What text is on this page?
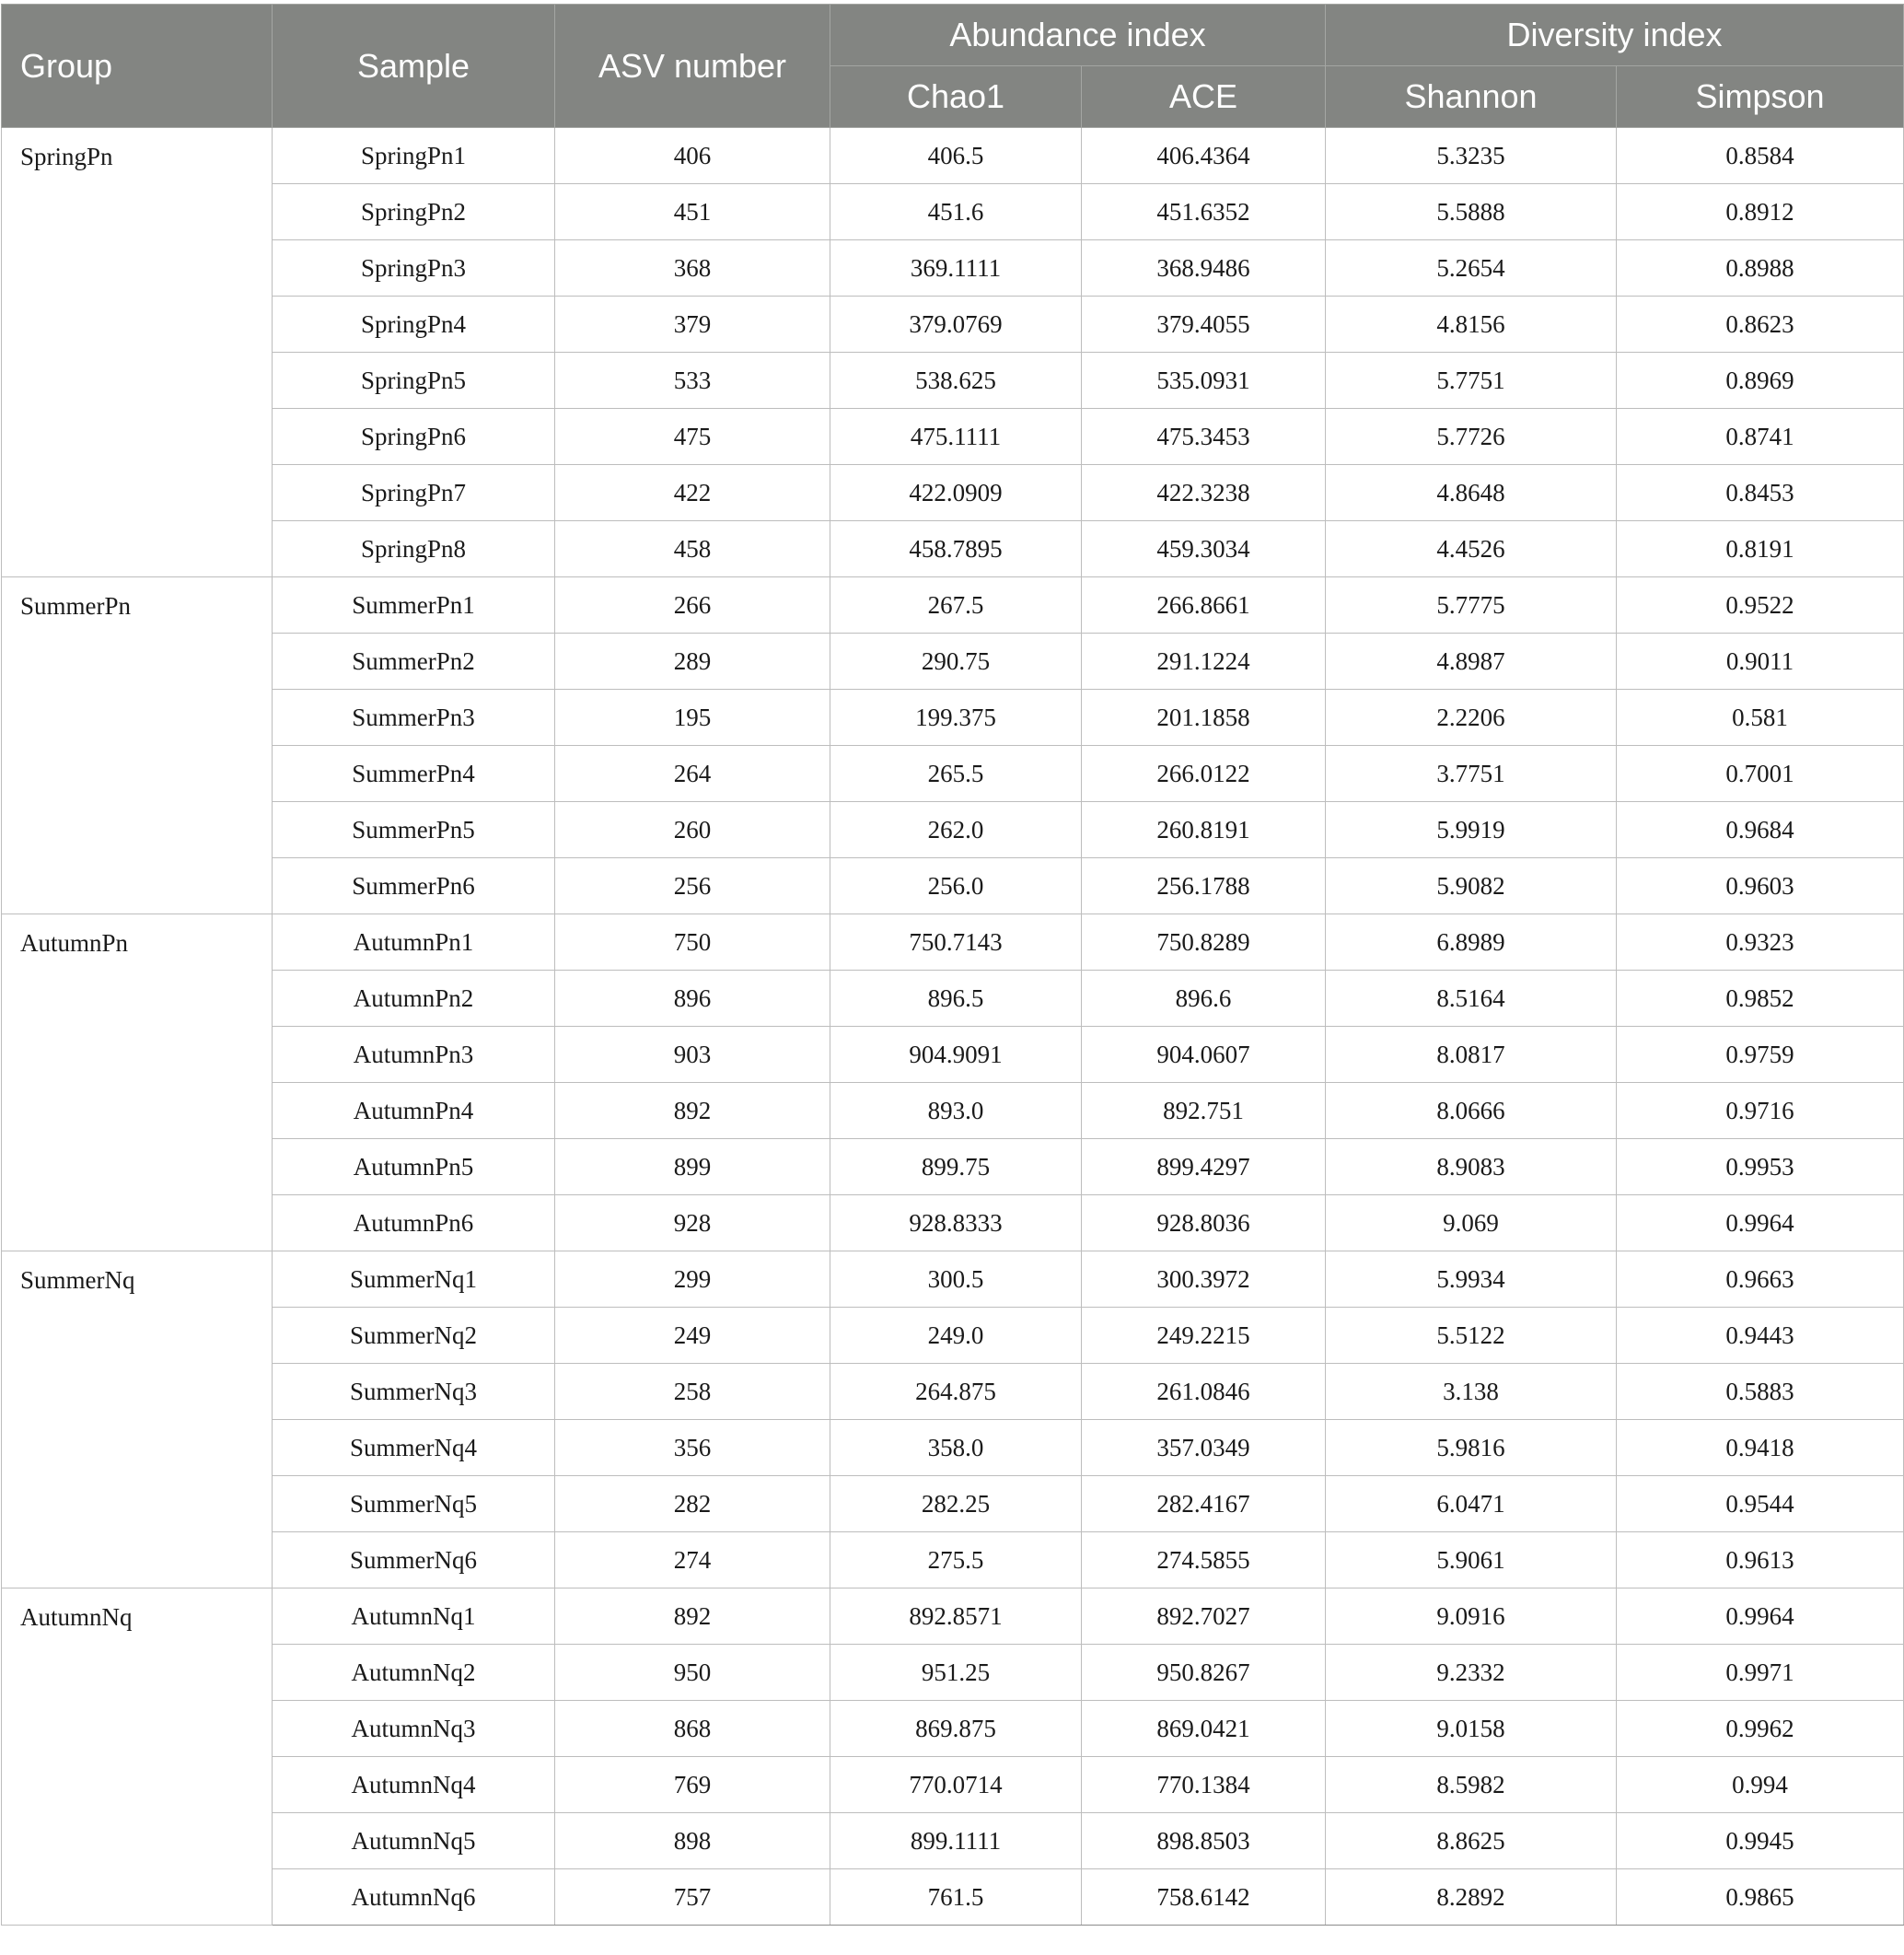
Group	Sample	ASV number	Abundance index		Diversity index	
			Chao1	ACE	Shannon	Simpson
SpringPn	SpringPn1	406	406.5	406.4364	5.3235	0.8584
	SpringPn2	451	451.6	451.6352	5.5888	0.8912
	SpringPn3	368	369.1111	368.9486	5.2654	0.8988
	SpringPn4	379	379.0769	379.4055	4.8156	0.8623
	SpringPn5	533	538.625	535.0931	5.7751	0.8969
	SpringPn6	475	475.1111	475.3453	5.7726	0.8741
	SpringPn7	422	422.0909	422.3238	4.8648	0.8453
	SpringPn8	458	458.7895	459.3034	4.4526	0.8191
SummerPn	SummerPn1	266	267.5	266.8661	5.7775	0.9522
	SummerPn2	289	290.75	291.1224	4.8987	0.9011
	SummerPn3	195	199.375	201.1858	2.2206	0.581
	SummerPn4	264	265.5	266.0122	3.7751	0.7001
	SummerPn5	260	262.0	260.8191	5.9919	0.9684
	SummerPn6	256	256.0	256.1788	5.9082	0.9603
AutumnPn	AutumnPn1	750	750.7143	750.8289	6.8989	0.9323
	AutumnPn2	896	896.5	896.6	8.5164	0.9852
	AutumnPn3	903	904.9091	904.0607	8.0817	0.9759
	AutumnPn4	892	893.0	892.751	8.0666	0.9716
	AutumnPn5	899	899.75	899.4297	8.9083	0.9953
	AutumnPn6	928	928.8333	928.8036	9.069	0.9964
SummerNq	SummerNq1	299	300.5	300.3972	5.9934	0.9663
	SummerNq2	249	249.0	249.2215	5.5122	0.9443
	SummerNq3	258	264.875	261.0846	3.138	0.5883
	SummerNq4	356	358.0	357.0349	5.9816	0.9418
	SummerNq5	282	282.25	282.4167	6.0471	0.9544
	SummerNq6	274	275.5	274.5855	5.9061	0.9613
AutumnNq	AutumnNq1	892	892.8571	892.7027	9.0916	0.9964
	AutumnNq2	950	951.25	950.8267	9.2332	0.9971
	AutumnNq3	868	869.875	869.0421	9.0158	0.9962
	AutumnNq4	769	770.0714	770.1384	8.5982	0.994
	AutumnNq5	898	899.1111	898.8503	8.8625	0.9945
	AutumnNq6	757	761.5	758.6142	8.2892	0.9865
